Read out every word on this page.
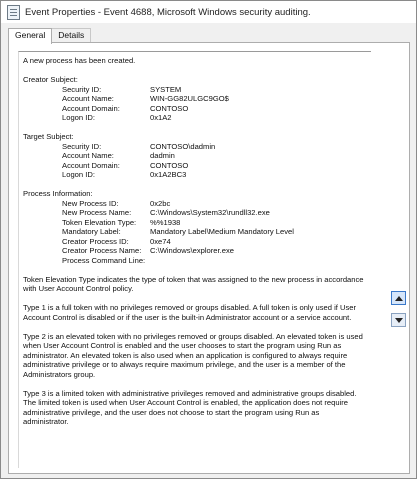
Event Properties - Event 4688, Microsoft Windows security auditing.
General	Details
A new process has been created.
Creator Subject:
Security ID:	SYSTEM
Account Name:	WIN-GG82ULGC9GO$
Account Domain:	CONTOSO
Logon ID:	0x1A2
Target Subject:
Security ID:	CONTOSO\dadmin
Account Name:	dadmin
Account Domain:	CONTOSO
Logon ID:	0x1A2BC3
Process Information:
New Process ID:	0x2bc
New Process Name:	C:\Windows\System32\rundll32.exe
Token Elevation Type:	%%1938
Mandatory Label:	Mandatory Label\Medium Mandatory Level
Creator Process ID:	0xe74
Creator Process Name:	C:\Windows\explorer.exe
Process Command Line:
Token Elevation Type indicates the type of token that was assigned to the new process in accordance with User Account Control policy.
Type 1 is a full token with no privileges removed or groups disabled. A full token is only used if User Account Control is disabled or if the user is the built-in Administrator account or a service account.
Type 2 is an elevated token with no privileges removed or groups disabled. An elevated token is used when User Account Control is enabled and the user chooses to start the program using Run as administrator. An elevated token is also used when an application is configured to always require administrative privilege or to always require maximum privilege, and the user is a member of the Administrators group.
Type 3 is a limited token with administrative privileges removed and administrative groups disabled. The limited token is used when User Account Control is enabled, the application does not require administrative privilege, and the user does not choose to start the program using Run as administrator.
